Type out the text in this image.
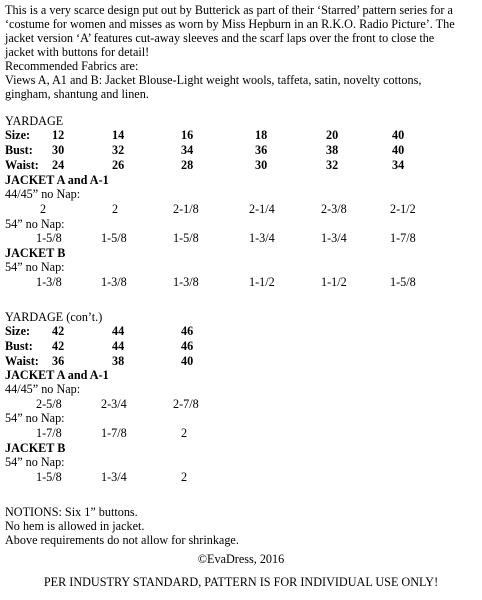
This is a very scarce design put out by Butterick as part of their ‘Starred’ pattern series for a

‘costume for women and misses as worn by Miss Hepburn in an R.K.O. Radio Picture’. The

jacket version ‘A’ features cut-away sleeves and the scarf laps over the front to close the

jacket with buttons for detail!

Recommended Fabrics are:

Views A, A1 and B: Jacket Blouse-Light weight wools, taffeta, satin, novelty cottons,

gingham, shantung and linen.

YARDAGE
Size: 12	14	16	18	20	40
Bust: 30	32	34	36	38	40
Waist: 24	26	28	30	32	34
JACKET A and A-1
44/45” no Nap:
2	2	2-1/8	2-1/4	2-3/8	2-1/2
54” no Nap:
1-5/8	1-5/8	1-5/8	1-3/4	1-3/4	1-7/8
JACKET B
54” no Nap:
1-3/8	1-3/8	1-3/8	1-1/2	1-1/2	1-5/8
YARDAGE (con’t.)
Size: 42	44	46
Bust: 42	44	46
Waist: 36	38	40
JACKET A and A-1
44/45” no Nap:
2-5/8	2-3/4	2-7/8
54” no Nap:
1-7/8	1-7/8	2
JACKET B
54” no Nap:
1-5/8	1-3/4	2

NOTIONS: Six 1” buttons.

No hem is allowed in jacket.

Above requirements do not allow for shrinkage.

©EvaDress, 2016
PER INDUSTRY STANDARD, PATTERN IS FOR INDIVIDUAL USE ONLY!
